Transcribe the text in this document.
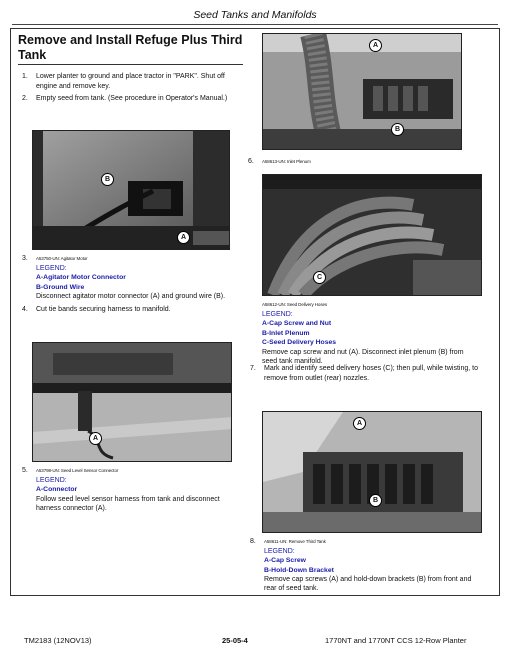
Seed Tanks and Manifolds
Remove and Install Refuge Plus Third Tank
1.	Lower planter to ground and place tractor in "PARK". Shut off engine and remove key.
2.	Empty seed from tank. (See procedure in Operator's Manual.)
B
A
3.	A53750-UN: Agitator Motor
LEGEND:
A-Agitator Motor Connector
B-Ground Wire
Disconnect agitator motor connector (A) and ground wire (B).
4.	Cut tie bands securing harness to manifold.
A
5.	A53798-UN: Seed Level Sensor Connector
LEGEND:
A-Connector
Follow seed level sensor harness from tank and disconnect harness connector (A).
A
B
6.	A58613-UN: Inlet Plenum
C
A58612-UN: Seed Delivery Hoses
LEGEND:
A-Cap Screw and Nut
B-Inlet Plenum
C-Seed Delivery Hoses
Remove cap screw and nut (A). Disconnect inlet plenum (B) from seed tank manifold.
7.	Mark and identify seed delivery hoses (C); then pull, while twisting, to remove from outlet (rear) nozzles.
A
B
8.	A58611-UN: Remove Third Tank
LEGEND:
A-Cap Screw
B-Hold-Down Bracket
Remove cap screws (A) and hold-down brackets (B) from front and rear of seed tank.
TM2183 (12NOV13)	25-05-4	1770NT and 1770NT CCS 12-Row Planter
